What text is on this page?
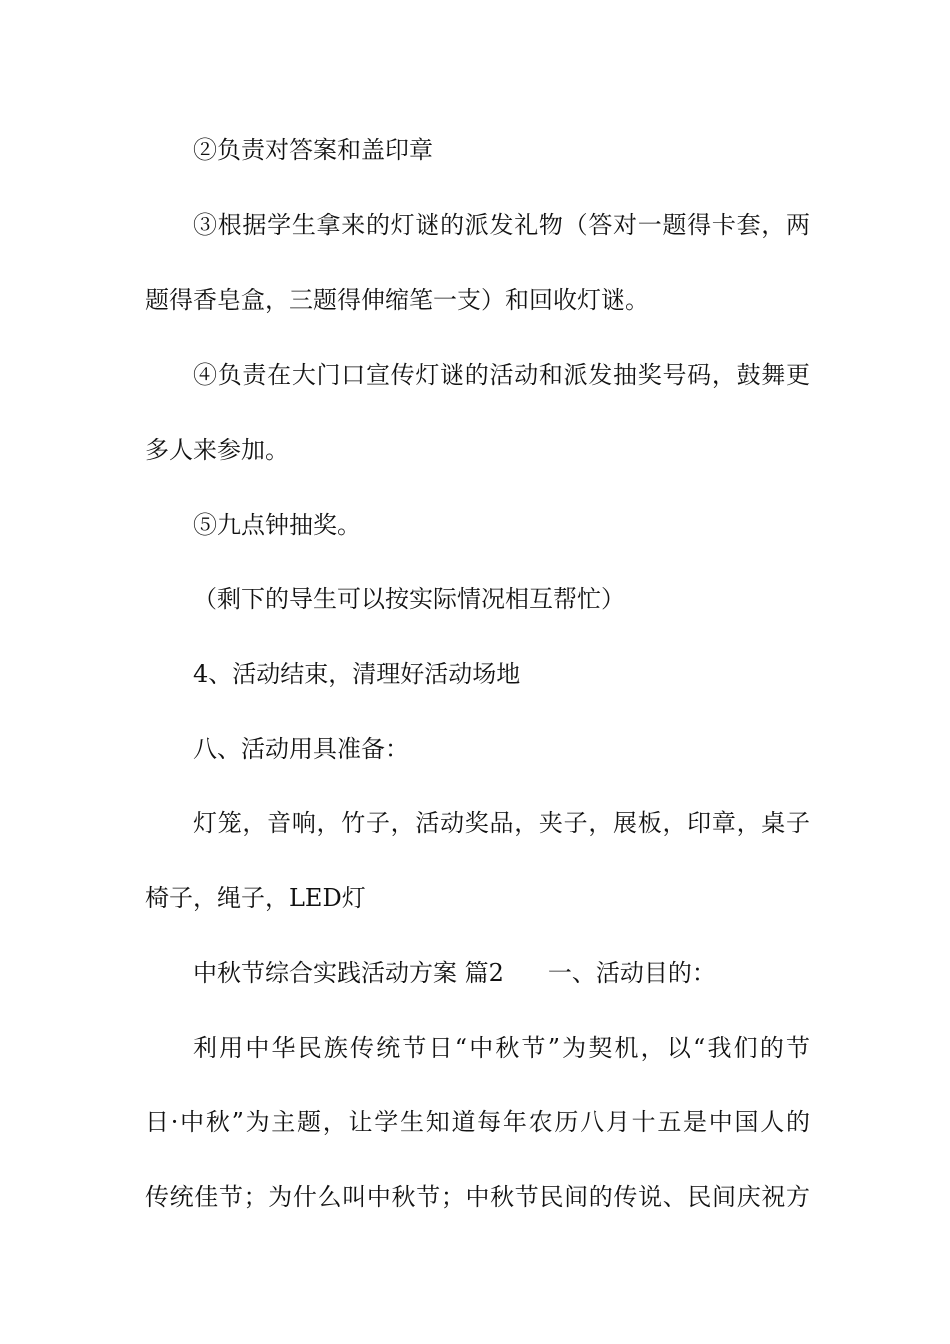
②负责对答案和盖印章
③根据学生拿来的灯谜的派发礼物（答对一题得卡套，两
题得香皂盒，三题得伸缩笔一支）和回收灯谜。
④负责在大门口宣传灯谜的活动和派发抽奖号码，鼓舞更
多人来参加。
⑤九点钟抽奖。
（剩下的导生可以按实际情况相互帮忙）
4、活动结束，清理好活动场地
八、活动用具准备：
灯笼，音响，竹子，活动奖品，夹子，展板，印章，桌子
椅子，绳子，LED灯
中秋节综合实践活动方案 篇2 一、活动目的：
利用中华民族传统节日“中秋节”为契机，以“我们的节
日·中秋”为主题，让学生知道每年农历八月十五是中国人的
传统佳节；为什么叫中秋节；中秋节民间的传说、民间庆祝方
